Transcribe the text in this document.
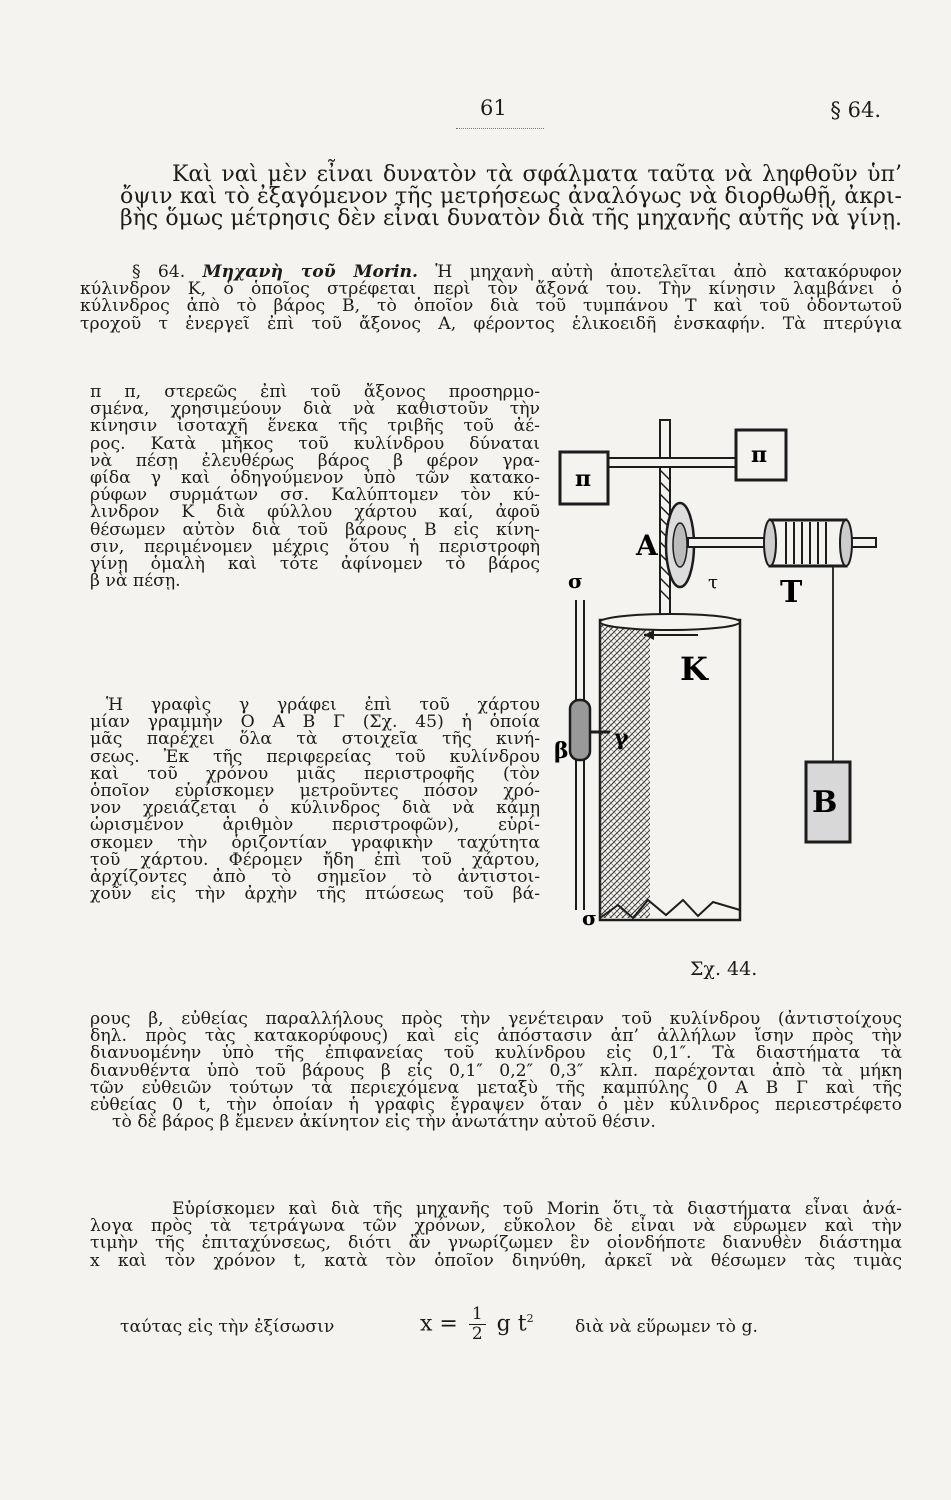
61	§ 64.
Καὶ ναὶ μὲν εἶναι δυνατὸν τὰ σφάλματα ταῦτα νὰ ληφθοῦν ὑπ’
ὄψιν καὶ τὸ ἐξαγόμενον τῆς μετρήσεως ἀναλόγως νὰ διορθωθῇ, ἀκρι-
βὴς ὅμως μέτρησις δὲν εἶναι δυνατὸν διὰ τῆς μηχανῆς αὐτῆς νὰ γίνῃ.
§ 64. Μηχανὴ τοῦ Morin. Ἡ μηχανὴ αὐτὴ ἀποτελεῖται ἀπὸ κατακόρυφον
κύλινδρον Κ, ὁ ὁποῖος στρέφεται περὶ τὸν ἄξονά του. Τὴν κίνησιν λαμβάνει ὁ
κύλινδρος ἀπὸ τὸ βάρος Β, τὸ ὁποῖον διὰ τοῦ τυμπάνου Τ καὶ τοῦ ὀδοντωτοῦ
τροχοῦ τ ἐνεργεῖ ἐπὶ τοῦ ἄξονος Α, φέροντος ἑλικοειδῆ ἐνσκαφήν. Τὰ πτερύγια
π π, στερεῶς ἐπὶ τοῦ ἄξονος προσηρμο-
σμένα, χρησιμεύουν διὰ νὰ καθιστοῦν τὴν
κίνησιν ἰσοταχῆ ἕνεκα τῆς τριβῆς τοῦ ἀέ-
ρος. Κατὰ μῆκος τοῦ κυλίνδρου δύναται
νὰ πέσῃ ἐλευθέρως βάρος β φέρον γρα-
φίδα γ καὶ ὁδηγούμενον ὑπὸ τῶν κατακο-
ρύφων συρμάτων σσ. Καλύπτομεν τὸν κύ-
λινδρον Κ διὰ φύλλου χάρτου καί, ἀφοῦ
θέσωμεν αὐτὸν διὰ τοῦ βάρους Β εἰς κίνη-
σιν, περιμένομεν μέχρις ὅτου ἡ περιστροφὴ
γίνῃ ὁμαλὴ καὶ τότε ἀφίνομεν τὸ βάρος
β νὰ πέσῃ.
Ἡ γραφὶς γ γράφει ἐπὶ τοῦ χάρτου
μίαν γραμμὴν Ο Α Β Γ (Σχ. 45) ἡ ὁποία
μᾶς παρέχει ὅλα τὰ στοιχεῖα τῆς κινή-
σεως. Ἐκ τῆς περιφερείας τοῦ κυλίνδρου
καὶ τοῦ χρόνου μιᾶς περιστροφῆς (τὸν
ὁποῖον εὑρίσκομεν μετροῦντες πόσον χρό-
νον χρειάζεται ὁ κύλινδρος διὰ νὰ κάμῃ
ὡρισμένον ἀριθμὸν περιστροφῶν), εὑρί-
σκομεν τὴν ὁριζοντίαν γραφικὴν ταχύτητα
τοῦ χάρτου. Φέρομεν ἤδη ἐπὶ τοῦ χάρτου,
ἀρχίζοντες ἀπὸ τὸ σημεῖον τὸ ἀντιστοι-
χοῦν εἰς τὴν ἀρχὴν τῆς πτώσεως τοῦ βά-
ρους β, εὐθείας παραλλήλους πρὸς τὴν γενέτειραν τοῦ κυλίνδρου (ἀντιστοίχους
δηλ. πρὸς τὰς κατακορύφους) καὶ εἰς ἀπόστασιν ἀπ’ ἀλλήλων ἴσην πρὸς τὴν
διανυομένην ὑπὸ τῆς ἐπιφανείας τοῦ κυλίνδρου εἰς 0,1″. Τὰ διαστήματα τὰ
διανυθέντα ὑπὸ τοῦ βάρους β εἰς 0,1″ 0,2″ 0,3″ κλπ. παρέχονται ἀπὸ τὰ μήκη
τῶν εὐθειῶν τούτων τὰ περιεχόμενα μεταξὺ τῆς καμπύλης 0 Α Β Γ καὶ τῆς
εὐθείας 0 t, τὴν ὁποίαν ἡ γραφὶς ἔγραψεν ὅταν ὁ μὲν κύλινδρος περιεστρέφετο
τὸ δὲ βάρος β ἔμενεν ἀκίνητον εἰς τὴν ἀνωτάτην αὐτοῦ θέσιν.
Εὑρίσκομεν καὶ διὰ τῆς μηχανῆς τοῦ Morin ὅτι τὰ διαστήματα εἶναι ἀνά-
λογα πρὸς τὰ τετράγωνα τῶν χρόνων, εὔκολον δὲ εἶναι νὰ εὕρωμεν καὶ τὴν
τιμὴν τῆς ἐπιταχύνσεως, διότι ἂν γνωρίζωμεν ἓν οἱονδήποτε διανυθὲν διάστημα
x καὶ τὸν χρόνον t, κατὰ τὸν ὁποῖον διηνύθη, ἀρκεῖ νὰ θέσωμεν τὰς τιμὰς
ταύτας εἰς τὴν ἐξίσωσιν	$x = \frac{1}{2}$ g $t^2$ διὰ νὰ εὕρωμεν τὸ g.
π
π
Β
Α
τ Τ
Κ
σ
σ
β γ
Σχ. 44.
